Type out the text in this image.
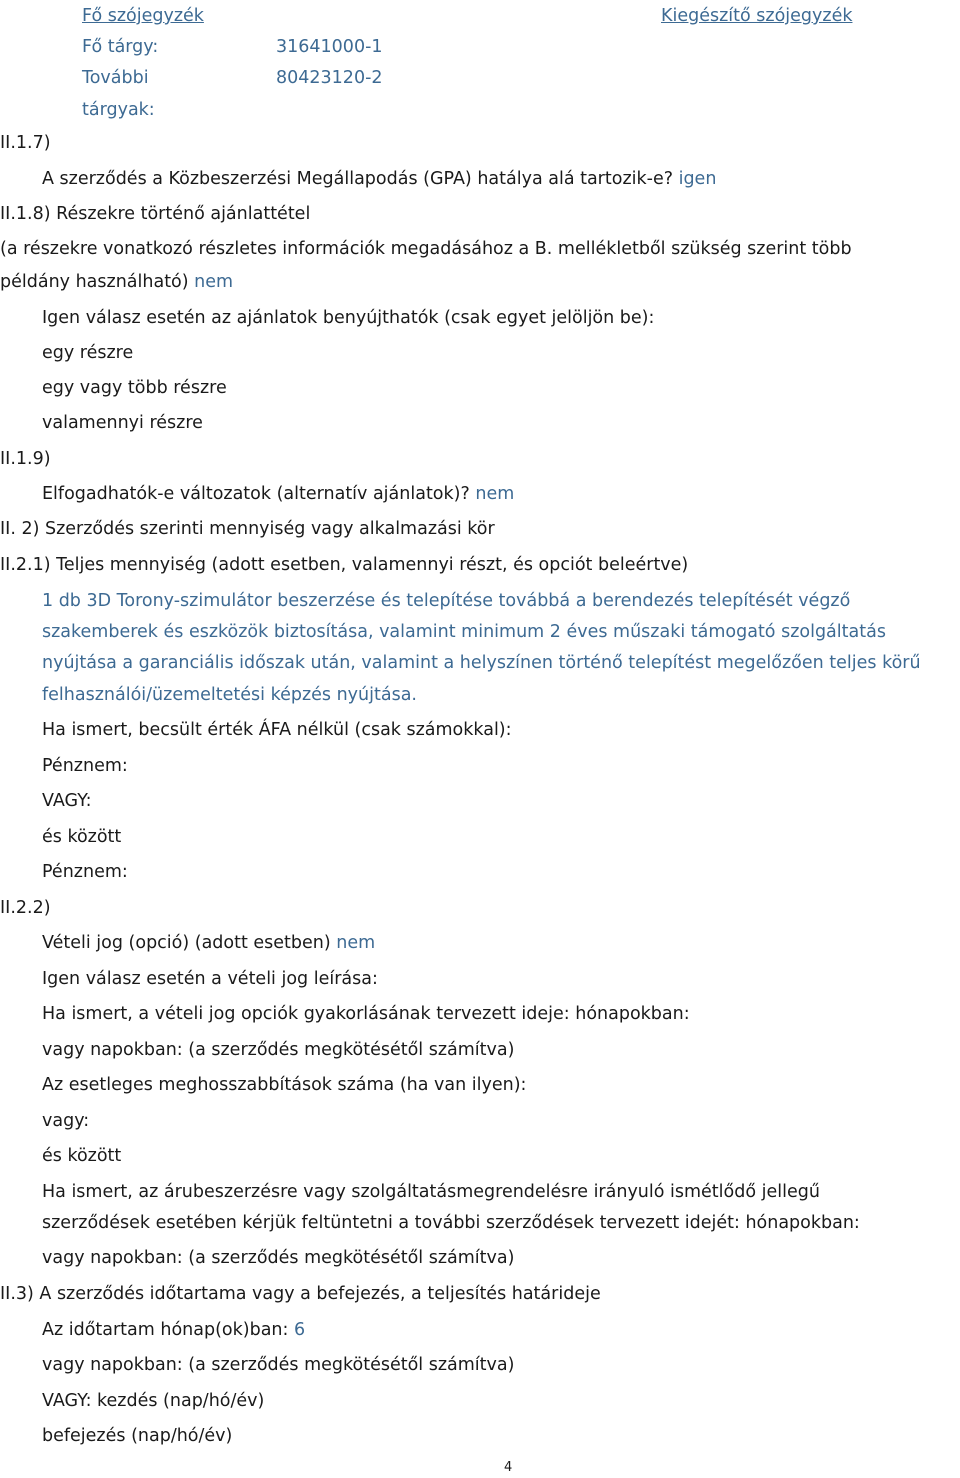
Fő szójegyzék	Kiegészítő szójegyzék
Fő tárgy:	31641000-1
További	80423120-2
tárgyak:
II.1.7)
A szerződés a Közbeszerzési Megállapodás (GPA) hatálya alá tartozik-e? igen
II.1.8) Részekre történő ajánlattétel
(a részekre vonatkozó részletes információk megadásához a B. mellékletből szükség szerint több
példány használható) nem
Igen válasz esetén az ajánlatok benyújthatók (csak egyet jelöljön be):
egy részre
egy vagy több részre
valamennyi részre
II.1.9)
Elfogadhatók-e változatok (alternatív ajánlatok)? nem
II. 2) Szerződés szerinti mennyiség vagy alkalmazási kör
II.2.1) Teljes mennyiség (adott esetben, valamennyi részt, és opciót beleértve)
1 db 3D Torony-szimulátor beszerzése és telepítése továbbá a berendezés telepítését végző
szakemberek és eszközök biztosítása, valamint minimum 2 éves műszaki támogató szolgáltatás
nyújtása a garanciális időszak után, valamint a helyszínen történő telepítést megelőzően teljes körű
felhasználói/üzemeltetési képzés nyújtása.
Ha ismert, becsült érték ÁFA nélkül (csak számokkal):
Pénznem:
VAGY:
és között
Pénznem:
II.2.2)
Vételi jog (opció) (adott esetben) nem
Igen válasz esetén a vételi jog leírása:
Ha ismert, a vételi jog opciók gyakorlásának tervezett ideje: hónapokban:
vagy napokban: (a szerződés megkötésétől számítva)
Az esetleges meghosszabbítások száma (ha van ilyen):
vagy:
és között
Ha ismert, az árubeszerzésre vagy szolgáltatásmegrendelésre irányuló ismétlődő jellegű
szerződések esetében kérjük feltüntetni a további szerződések tervezett idejét: hónapokban:
vagy napokban: (a szerződés megkötésétől számítva)
II.3) A szerződés időtartama vagy a befejezés, a teljesítés határideje
Az időtartam hónap(ok)ban: 6
vagy napokban: (a szerződés megkötésétől számítva)
VAGY: kezdés (nap/hó/év)
befejezés (nap/hó/év)
4
